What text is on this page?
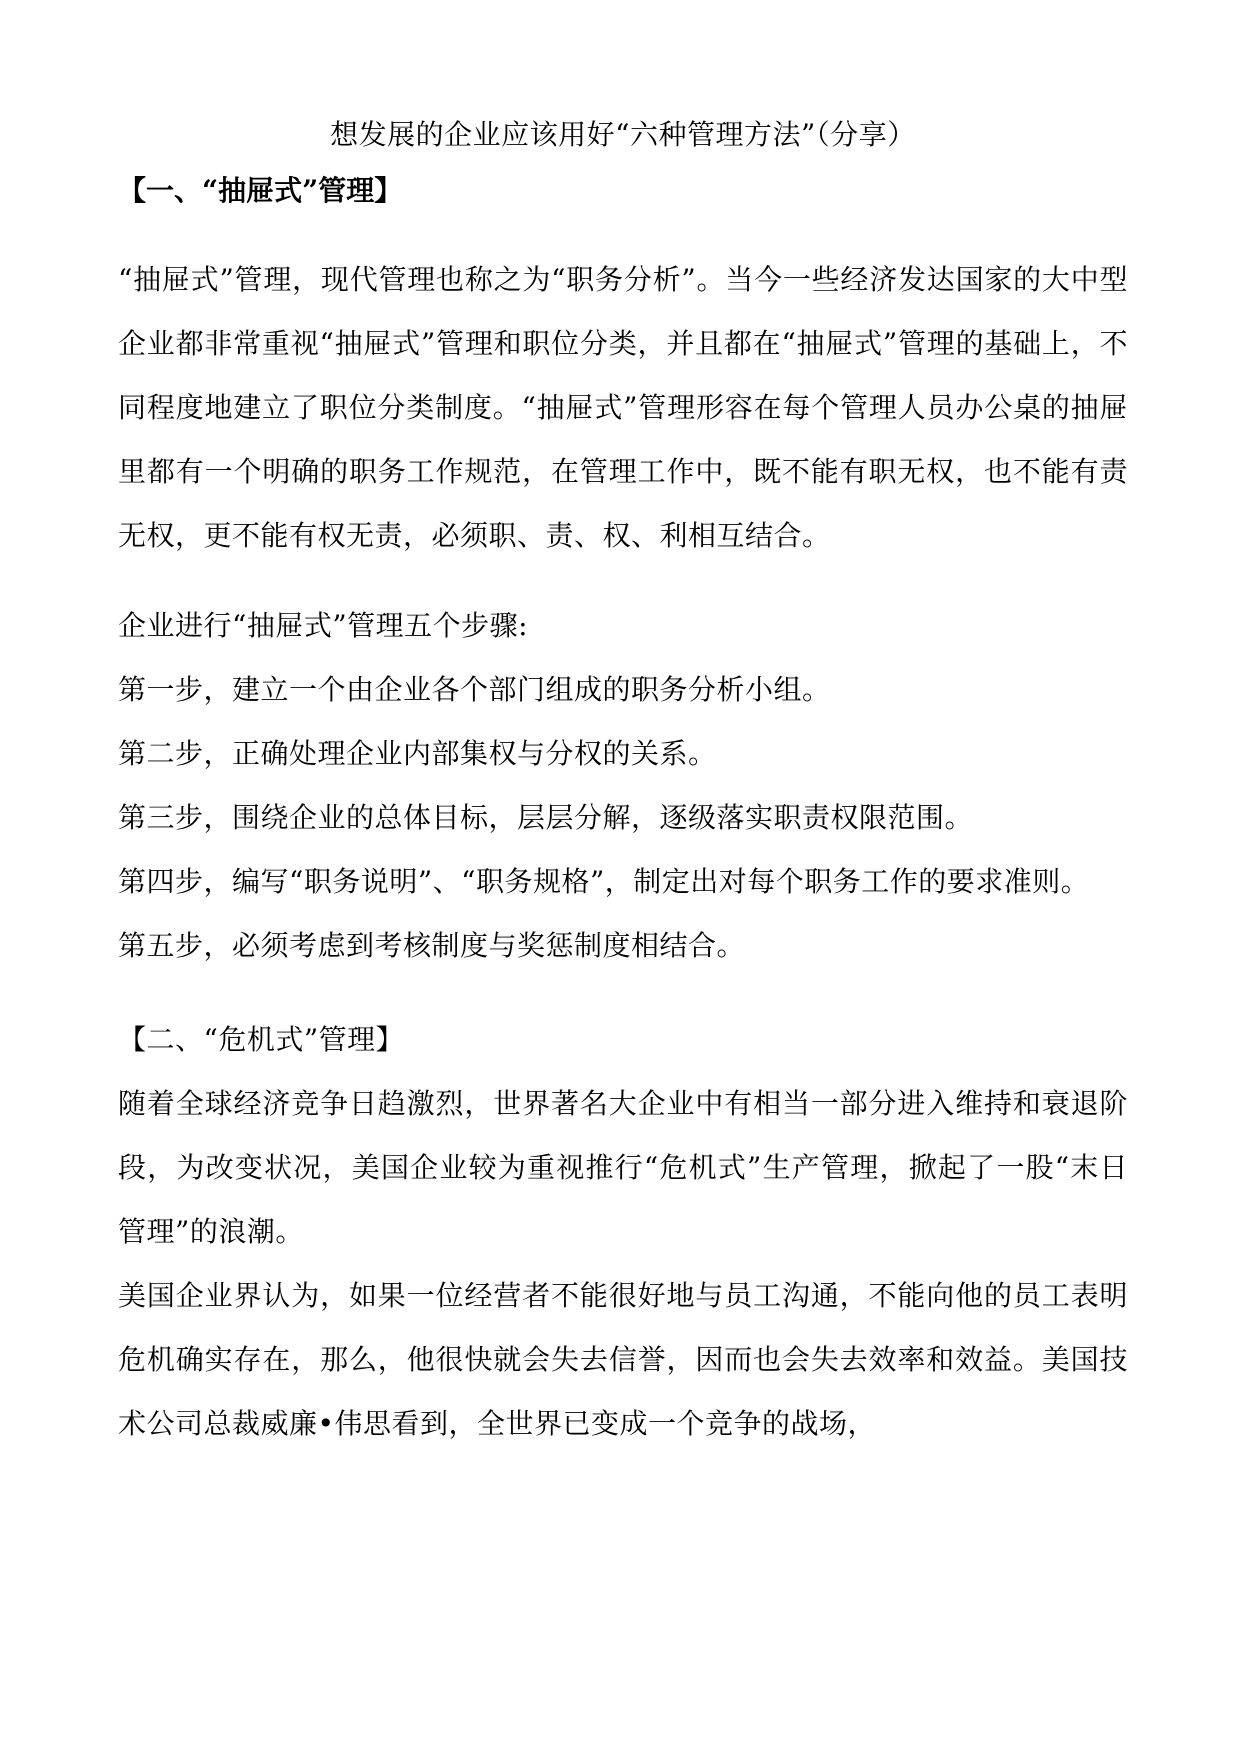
想发展的企业应该用好“六种管理方法”（分享）

【一、“抽屉式”管理】

“抽屉式”管理，现代管理也称之为“职务分析”。当今一些经济发达国家的大中型企业都非常重视“抽屉式”管理和职位分类，并且都在“抽屉式”管理的基础上，不同程度地建立了职位分类制度。“抽屉式”管理形容在每个管理人员办公桌的抽屉里都有一个明确的职务工作规范，在管理工作中，既不能有职无权，也不能有责无权，更不能有权无责，必须职、责、权、利相互结合。

企业进行“抽屉式”管理五个步骤:

第一步，建立一个由企业各个部门组成的职务分析小组。

第二步，正确处理企业内部集权与分权的关系。

第三步，围绕企业的总体目标，层层分解，逐级落实职责权限范围。

第四步，编写“职务说明”、“职务规格”，制定出对每个职务工作的要求准则。

第五步，必须考虑到考核制度与奖惩制度相结合。

【二、“危机式”管理】

随着全球经济竞争日趋激烈，世界著名大企业中有相当一部分进入维持和衰退阶段，为改变状况，美国企业较为重视推行“危机式”生产管理，掀起了一股“末日管理”的浪潮。

美国企业界认为，如果一位经营者不能很好地与员工沟通，不能向他的员工表明危机确实存在，那么，他很快就会失去信誉，因而也会失去效率和效益。美国技术公司总裁威廉•伟思看到，全世界已变成一个竞争的战场，
